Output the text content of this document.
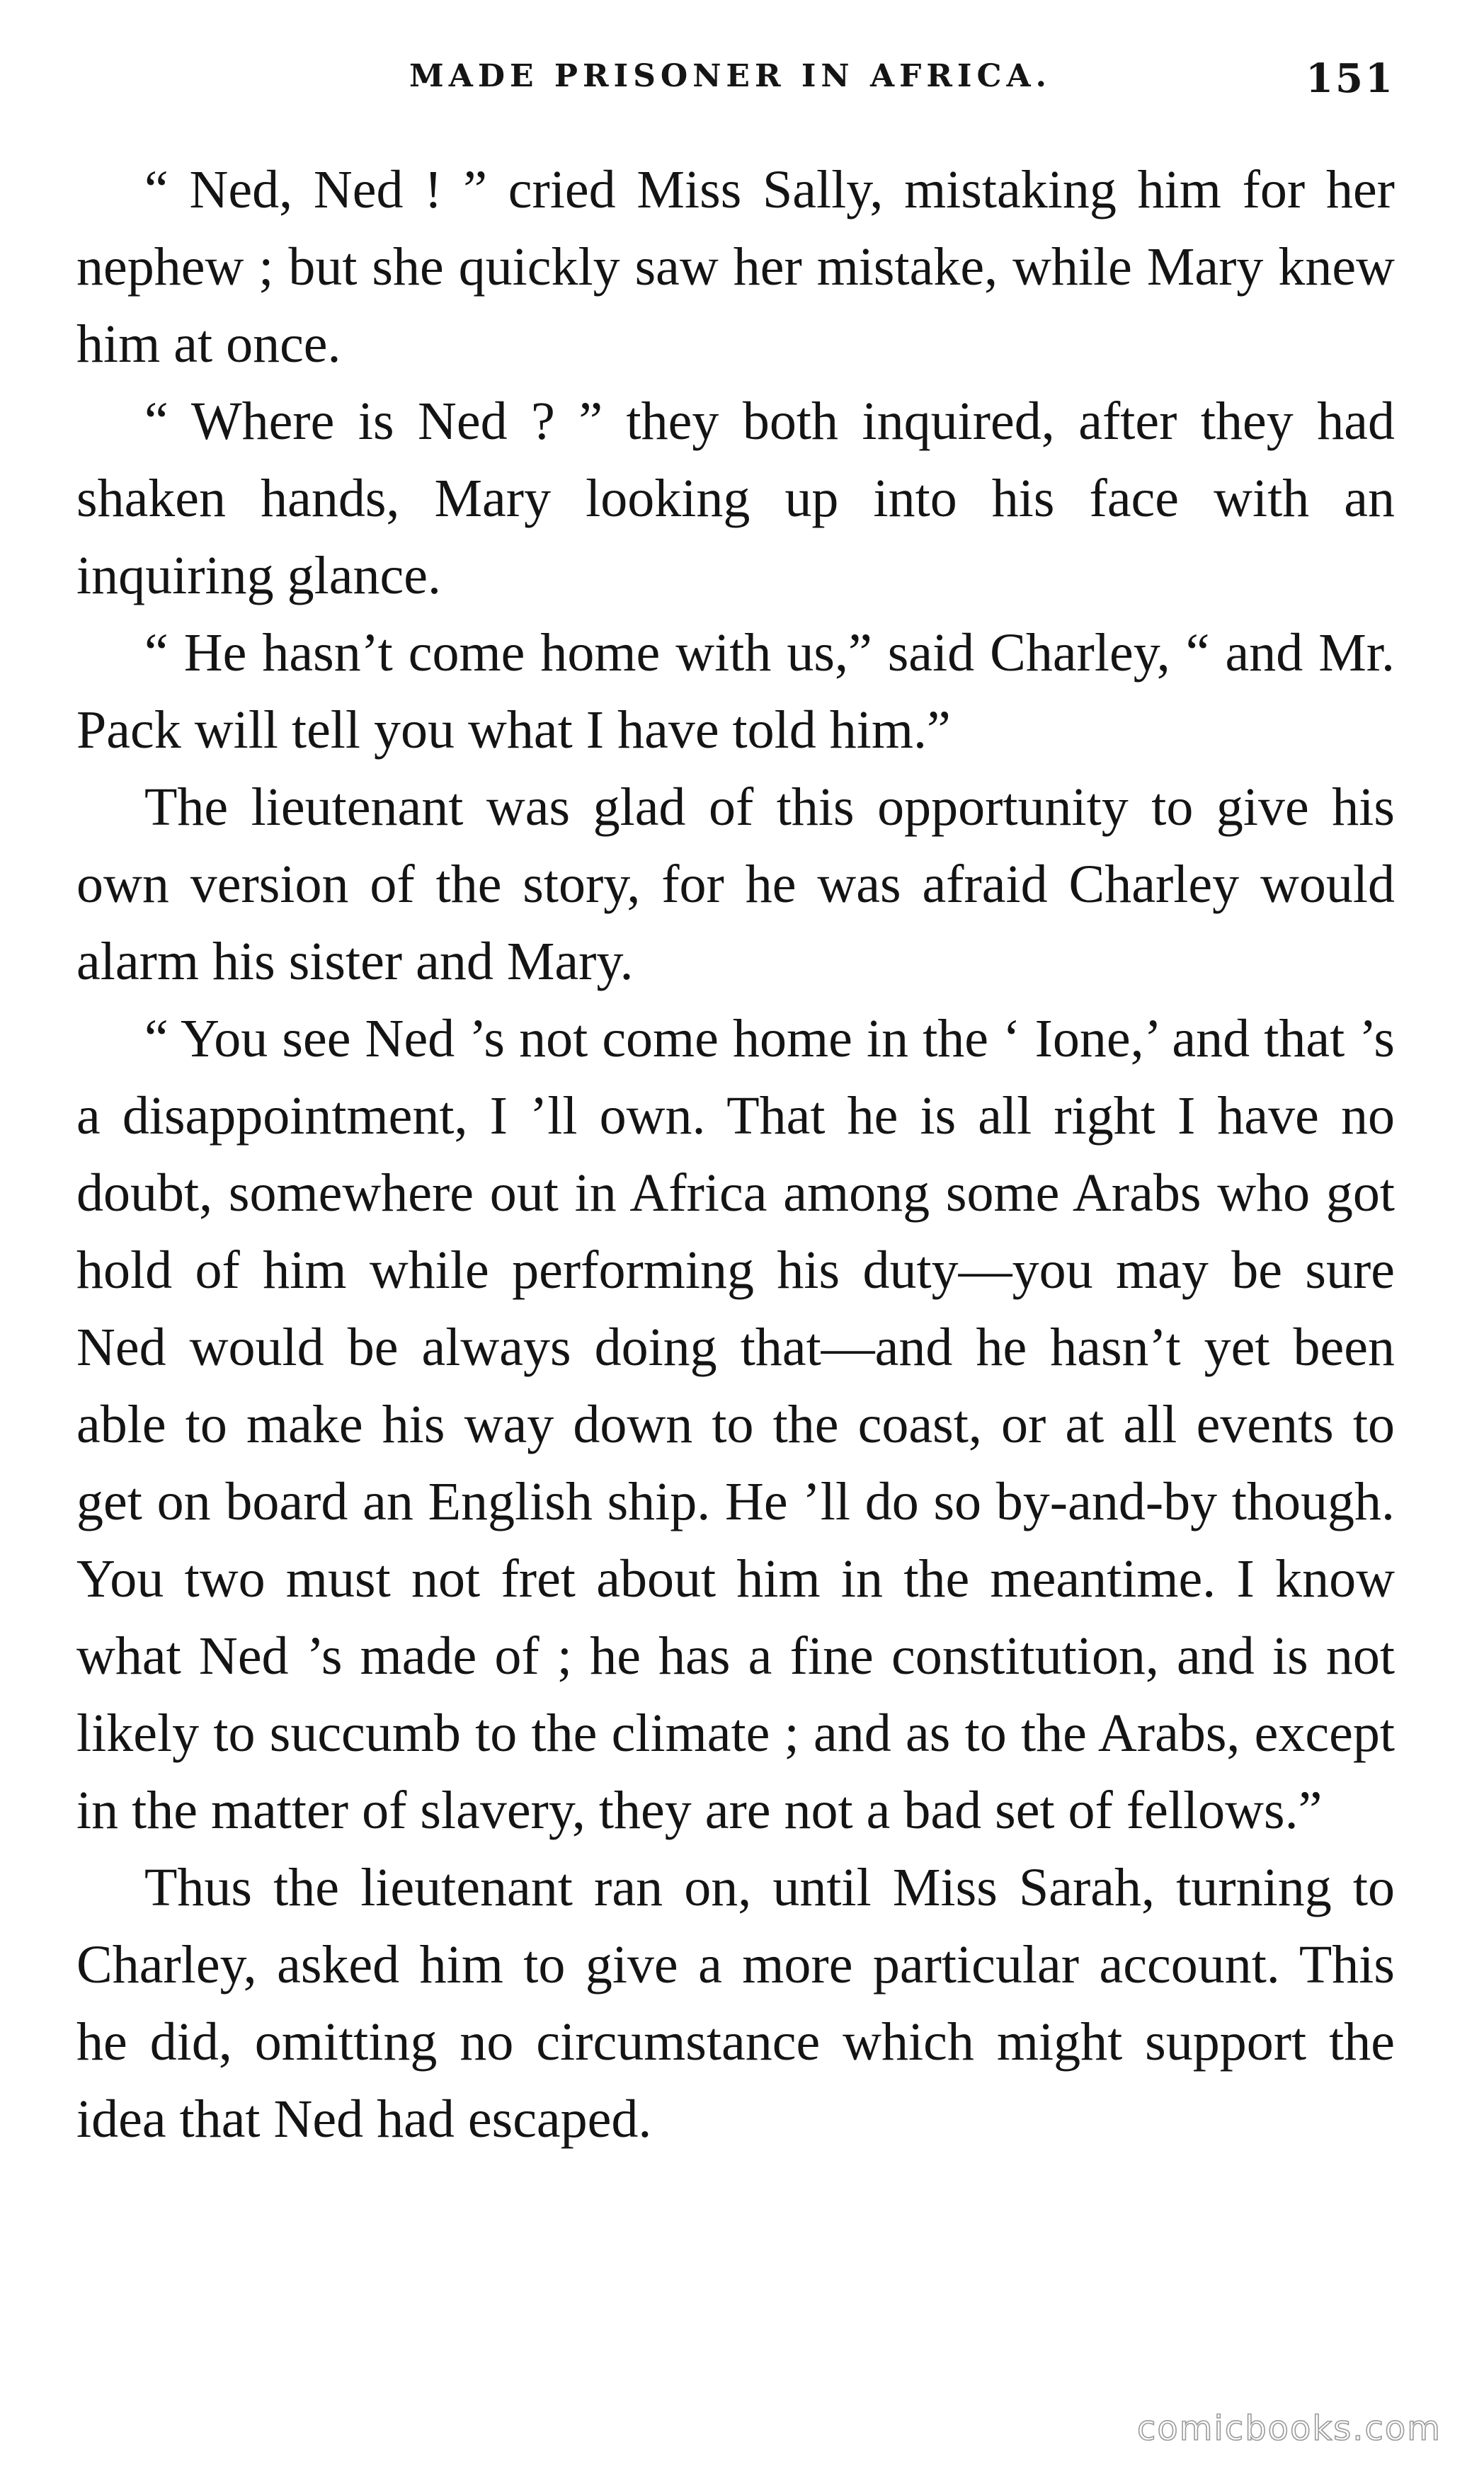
MADE PRISONER IN AFRICA.	151

“ Ned, Ned ! ” cried Miss Sally, mistaking him for her nephew ; but she quickly saw her mistake, while Mary knew him at once.

“ Where is Ned ? ” they both inquired, after they had shaken hands, Mary looking up into his face with an inquiring glance.

“ He hasn’t come home with us,” said Charley, “ and Mr. Pack will tell you what I have told him.”

The lieutenant was glad of this opportunity to give his own version of the story, for he was afraid Charley would alarm his sister and Mary.

“ You see Ned ’s not come home in the ‘ Ione,’ and that ’s a disappointment, I ’ll own. That he is all right I have no doubt, somewhere out in Africa among some Arabs who got hold of him while performing his duty—you may be sure Ned would be always doing that—and he hasn’t yet been able to make his way down to the coast, or at all events to get on board an English ship. He ’ll do so by-and-by though. You two must not fret about him in the meantime. I know what Ned ’s made of ; he has a fine constitution, and is not likely to succumb to the climate ; and as to the Arabs, except in the matter of slavery, they are not a bad set of fellows.”

Thus the lieutenant ran on, until Miss Sarah, turning to Charley, asked him to give a more particular account. This he did, omitting no circumstance which might support the idea that Ned had escaped.

comicbooks.com
